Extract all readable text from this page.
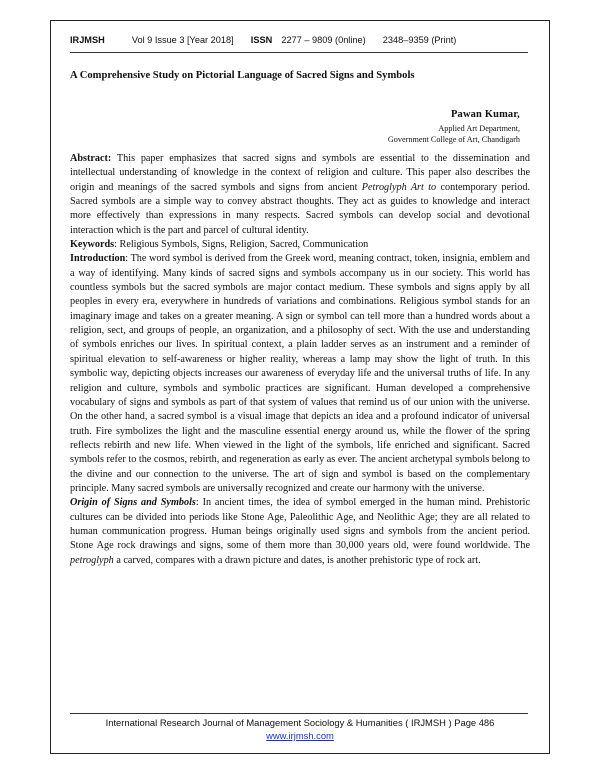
IRJMSH	Vol 9 Issue 3 [Year 2018] ISSN 2277 – 9809 (0nline) 2348–9359 (Print)
A Comprehensive Study on Pictorial Language of Sacred Signs and Symbols
Pawan Kumar,
Applied Art Department,
Government College of Art, Chandigarh

Abstract: This paper emphasizes that sacred signs and symbols are essential to the dissemination and intellectual understanding of knowledge in the context of religion and culture. This paper also describes the origin and meanings of the sacred symbols and signs from ancient Petroglyph Art to contemporary period. Sacred symbols are a simple way to convey abstract thoughts. They act as guides to knowledge and interact more effectively than expressions in many respects. Sacred symbols can develop social and devotional interaction which is the part and parcel of cultural identity.

Keywords: Religious Symbols, Signs, Religion, Sacred, Communication

Introduction: The word symbol is derived from the Greek word, meaning contract, token, insignia, emblem and a way of identifying. Many kinds of sacred signs and symbols accompany us in our society. This world has countless symbols but the sacred symbols are major contact medium. These symbols and signs apply by all peoples in every era, everywhere in hundreds of variations and combinations. Religious symbol stands for an imaginary image and takes on a greater meaning. A sign or symbol can tell more than a hundred words about a religion, sect, and groups of people, an organization, and a philosophy of sect. With the use and understanding of symbols enriches our lives. In spiritual context, a plain ladder serves as an instrument and a reminder of spiritual elevation to self-awareness or higher reality, whereas a lamp may show the light of truth. In this symbolic way, depicting objects increases our awareness of everyday life and the universal truths of life. In any religion and culture, symbols and symbolic practices are significant. Human developed a comprehensive vocabulary of signs and symbols as part of that system of values that remind us of our union with the universe. On the other hand, a sacred symbol is a visual image that depicts an idea and a profound indicator of universal truth. Fire symbolizes the light and the masculine essential energy around us, while the flower of the spring reflects rebirth and new life. When viewed in the light of the symbols, life enriched and significant. Sacred symbols refer to the cosmos, rebirth, and regeneration as early as ever. The ancient archetypal symbols belong to the divine and our connection to the universe. The art of sign and symbol is based on the complementary principle. Many sacred symbols are universally recognized and create our harmony with the universe.

Origin of Signs and Symbols: In ancient times, the idea of symbol emerged in the human mind. Prehistoric cultures can be divided into periods like Stone Age, Paleolithic Age, and Neolithic Age; they are all related to human communication progress. Human beings originally used signs and symbols from the ancient period. Stone Age rock drawings and signs, some of them more than 30,000 years old, were found worldwide. The petroglyph a carved, compares with a drawn picture and dates, is another prehistoric type of rock art.

International Research Journal of Management Sociology & Humanities ( IRJMSH ) Page 486
www.irjmsh.com
